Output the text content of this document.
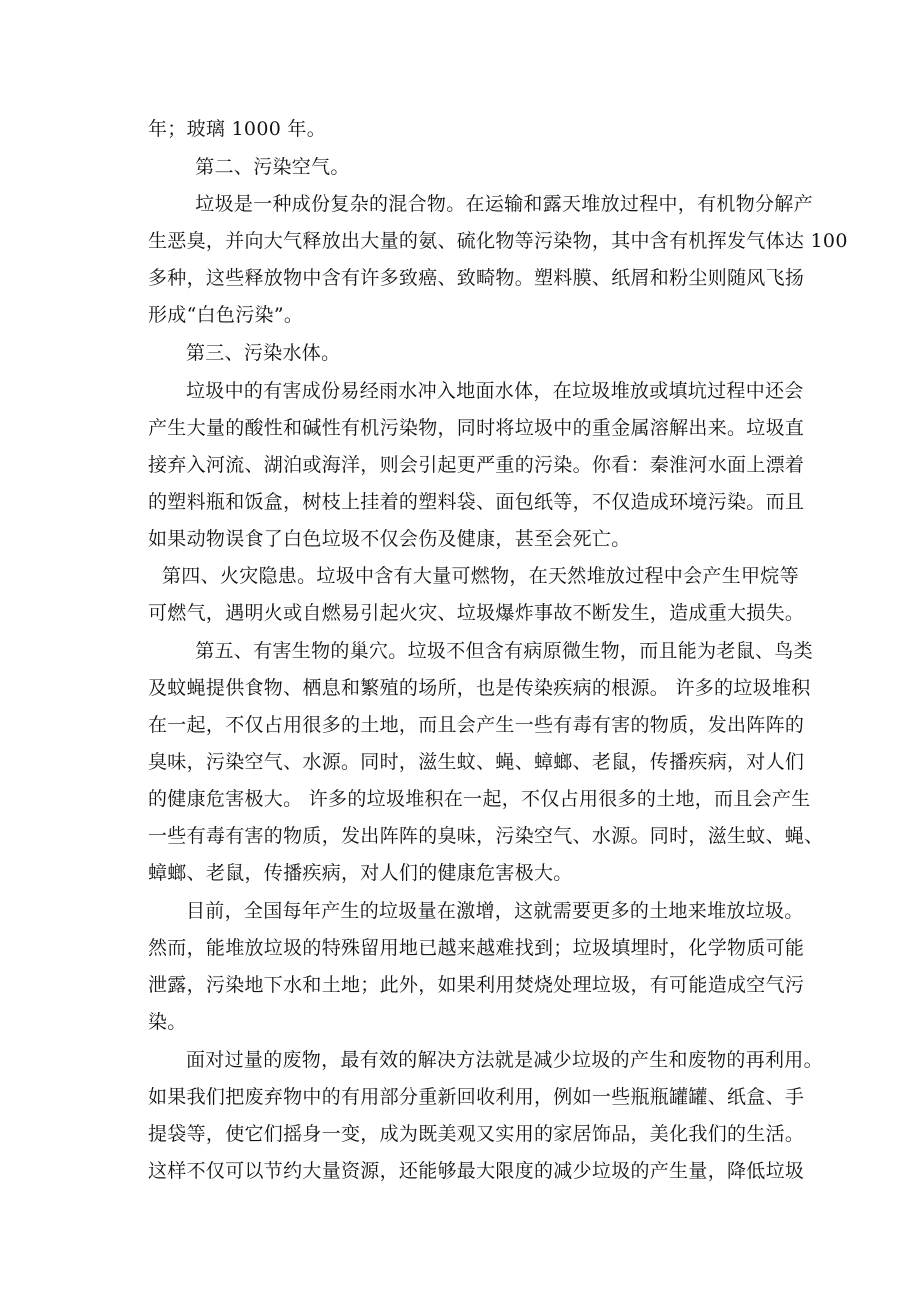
年；玻璃 1000 年。
　第二、污染空气。
　垃圾是一种成份复杂的混合物。在运输和露天堆放过程中，有机物分解产
生恶臭，并向大气释放出大量的氨、硫化物等污染物，其中含有机挥发气体达 100
多种，这些释放物中含有许多致癌、致畸物。塑料膜、纸屑和粉尘则随风飞扬
形成“白色污染”。
第三、污染水体。
垃圾中的有害成份易经雨水冲入地面水体，在垃圾堆放或填坑过程中还会
产生大量的酸性和碱性有机污染物，同时将垃圾中的重金属溶解出来。垃圾直
接弃入河流、湖泊或海洋，则会引起更严重的污染。你看：秦淮河水面上漂着
的塑料瓶和饭盒，树枝上挂着的塑料袋、面包纸等，不仅造成环境污染。而且
如果动物误食了白色垃圾不仅会伤及健康，甚至会死亡。
第四、火灾隐患。垃圾中含有大量可燃物，在天然堆放过程中会产生甲烷等
可燃气，遇明火或自燃易引起火灾、垃圾爆炸事故不断发生，造成重大损失。
　第五、有害生物的巢穴。垃圾不但含有病原微生物，而且能为老鼠、鸟类
及蚊蝇提供食物、栖息和繁殖的场所，也是传染疾病的根源。 许多的垃圾堆积
在一起，不仅占用很多的土地，而且会产生一些有毒有害的物质，发出阵阵的
臭味，污染空气、水源。同时，滋生蚊、蝇、蟑螂、老鼠，传播疾病，对人们
的健康危害极大。 许多的垃圾堆积在一起，不仅占用很多的土地，而且会产生
一些有毒有害的物质，发出阵阵的臭味，污染空气、水源。同时，滋生蚊、蝇、
蟑螂、老鼠，传播疾病，对人们的健康危害极大。
目前，全国每年产生的垃圾量在激增，这就需要更多的土地来堆放垃圾。
然而，能堆放垃圾的特殊留用地已越来越难找到；垃圾填埋时，化学物质可能
泄露，污染地下水和土地；此外，如果利用焚烧处理垃圾，有可能造成空气污
染。
面对过量的废物，最有效的解决方法就是减少垃圾的产生和废物的再利用。
如果我们把废弃物中的有用部分重新回收利用，例如一些瓶瓶罐罐、纸盒、手
提袋等，使它们摇身一变，成为既美观又实用的家居饰品，美化我们的生活。
这样不仅可以节约大量资源，还能够最大限度的减少垃圾的产生量，降低垃圾
